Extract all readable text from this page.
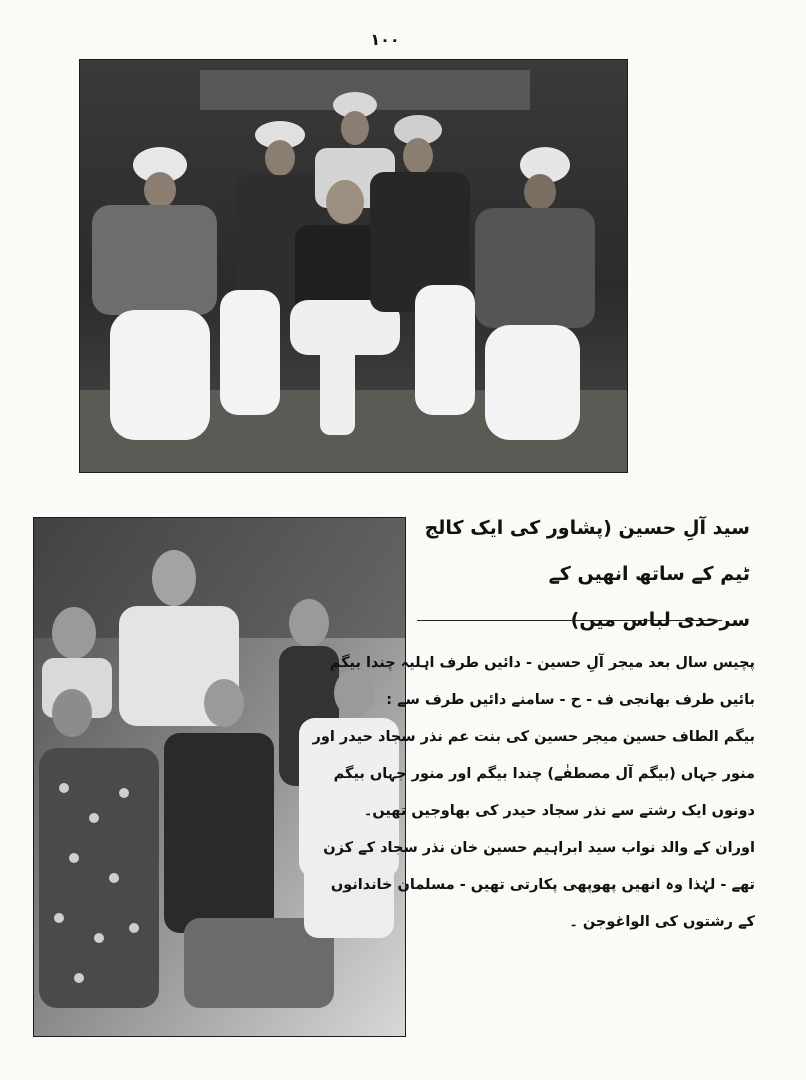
۱۰۰
سید آلِ حسین (پشاور کی ایک کالج ٹیم کے ساتھ انھیں کے
سرحدی لباس میں)
پچیس سال بعد میجر آلِ حسین - دائیں طرف اہلیہ چندا بیگم
بائیں طرف بھانجی ف - ح - سامنے دائیں طرف سے :
بیگم الطاف حسین میجر حسین کی بنت عم نذر سجاد حیدر اور
منور جہاں (بیگم آل مصطفٰے) چندا بیگم اور منور جہاں بیگم
دونوں ایک رشتے سے نذر سجاد حیدر کی بھاوجیں تھیں۔
اوران کے والد نواب سید ابراہیم حسین خان نذر سجاد کے کزن
تھے - لہٰذا وہ انھیں پھوپھی پکارتی تھیں - مسلمان خاندانوں
کے رشتوں کی الواغوجن ۔
